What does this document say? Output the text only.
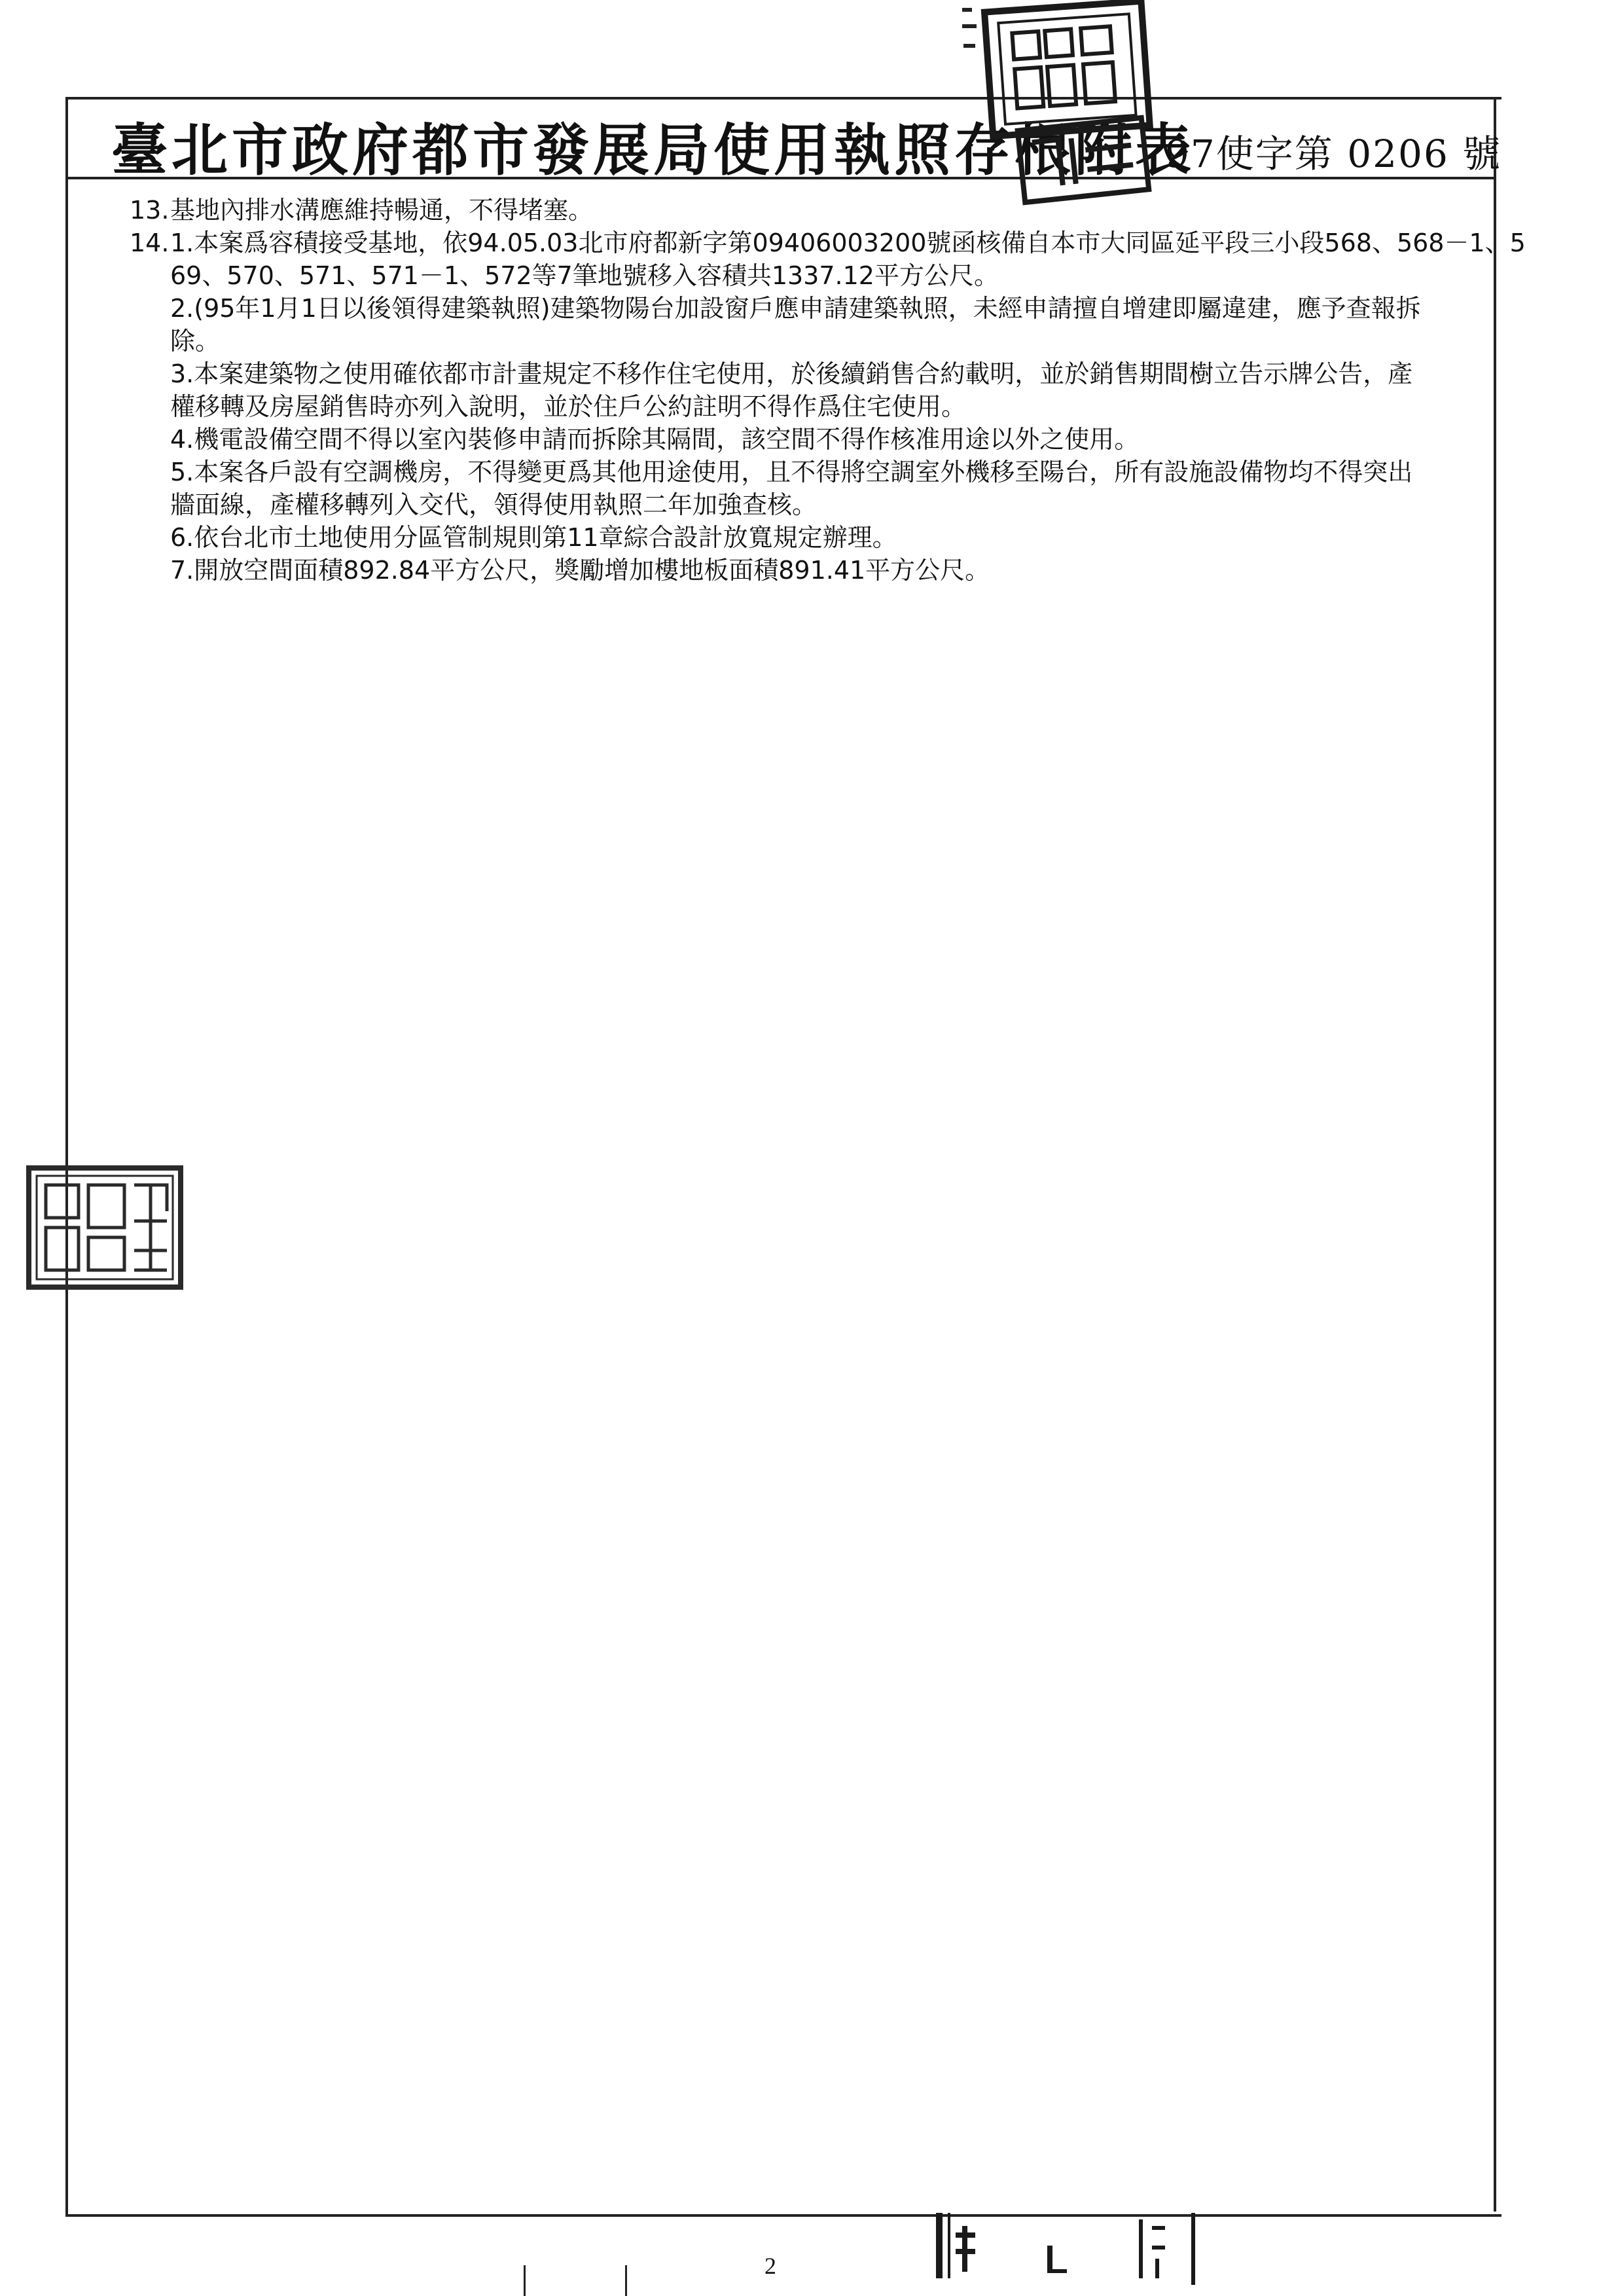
臺北市政府都市發展局使用執照存根附表
97使字第 0206 號
13. 基地內排水溝應維持暢通，不得堵塞。
14. 1.本案爲容積接受基地，依94.05.03北市府都新字第09406003200號函核備自本市大同區延平段三小段568、568－1、5
69、570、571、571－1、572等7筆地號移入容積共1337.12平方公尺。
2.(95年1月1日以後領得建築執照)建築物陽台加設窗戶應申請建築執照，未經申請擅自增建即屬違建，應予查報拆
除。
3.本案建築物之使用確依都市計畫規定不移作住宅使用，於後續銷售合約載明，並於銷售期間樹立告示牌公告，產
權移轉及房屋銷售時亦列入說明，並於住戶公約註明不得作爲住宅使用。
4.機電設備空間不得以室內裝修申請而拆除其隔間，該空間不得作核准用途以外之使用。
5.本案各戶設有空調機房，不得變更爲其他用途使用，且不得將空調室外機移至陽台，所有設施設備物均不得突出
牆面線，產權移轉列入交代，領得使用執照二年加強查核。
6.依台北市土地使用分區管制規則第11章綜合設計放寬規定辦理。
7.開放空間面積892.84平方公尺，獎勵增加樓地板面積891.41平方公尺。
2
